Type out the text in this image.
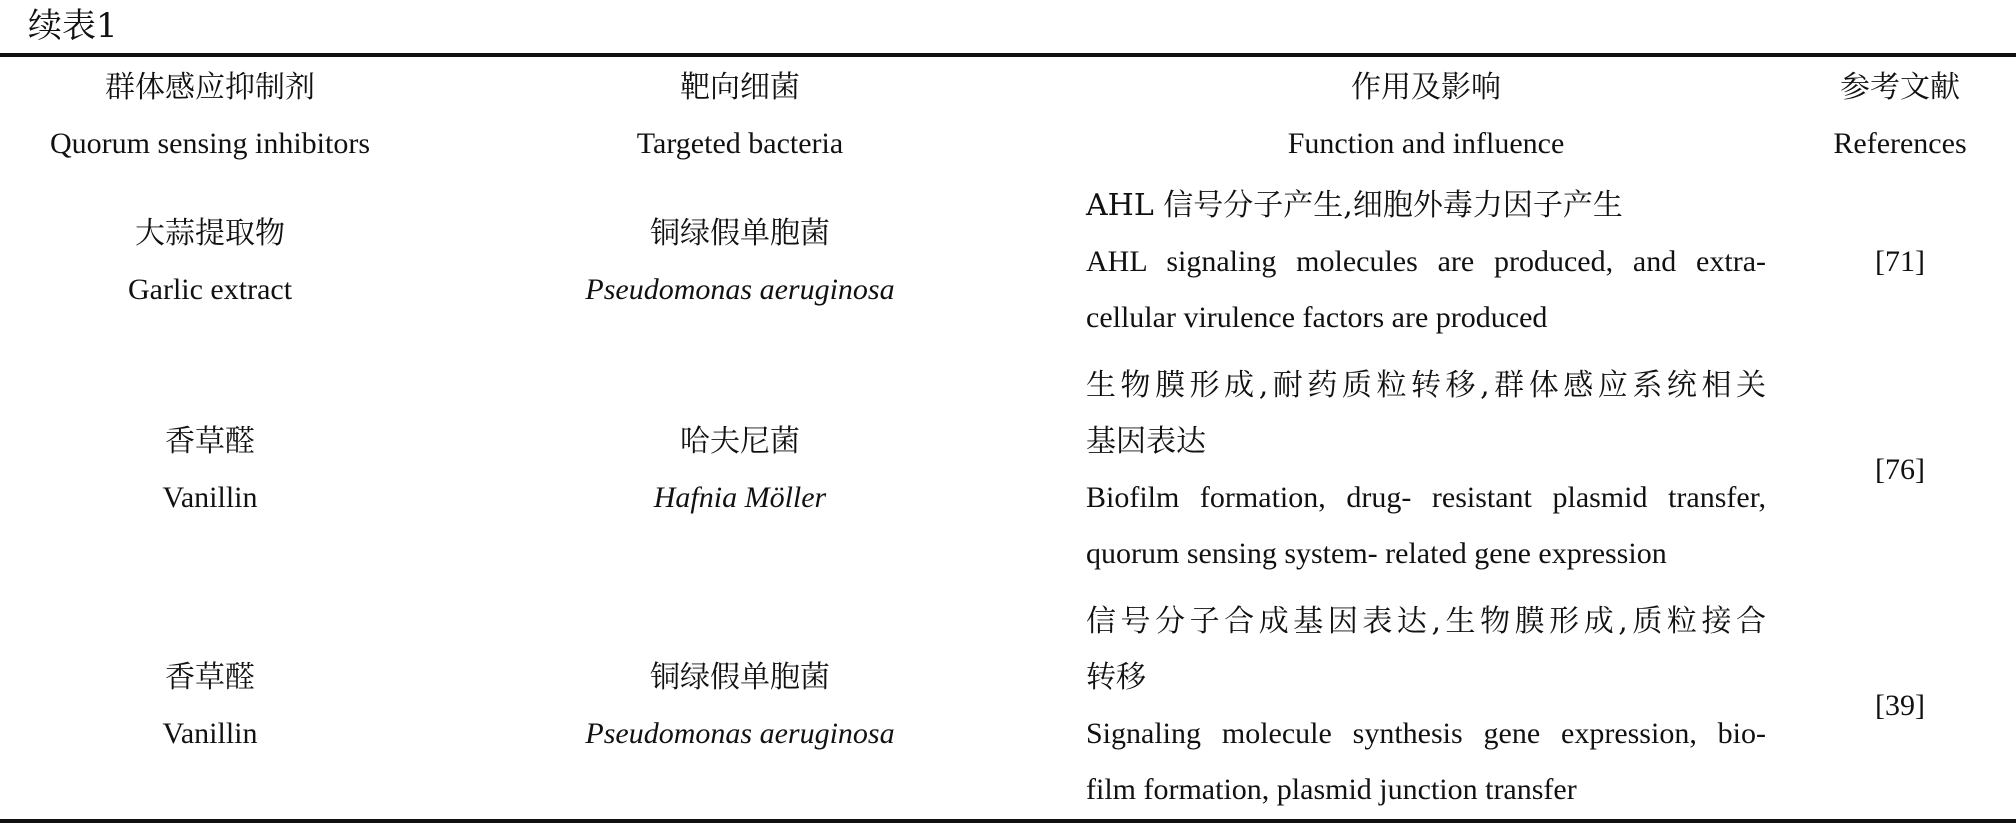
续表1
群体感应抑制剂
Quorum sensing inhibitors
靶向细菌
Targeted bacteria
作用及影响
Function and influence
参考文献
References
大蒜提取物
Garlic extract
铜绿假单胞菌
Pseudomonas aeruginosa
AHL 信号分子产生,细胞外毒力因子产生
AHL signaling molecules are produced, and extra-
cellular virulence factors are produced
[71]
香草醛
Vanillin
哈夫尼菌
Hafnia Mӧller
生物膜形成,耐药质粒转移,群体感应系统相关
基因表达
Biofilm formation, drug- resistant plasmid transfer,
quorum sensing system- related gene expression
[76]
香草醛
Vanillin
铜绿假单胞菌
Pseudomonas aeruginosa
信号分子合成基因表达,生物膜形成,质粒接合
转移
Signaling molecule synthesis gene expression, bio-
film formation, plasmid junction transfer
[39]
